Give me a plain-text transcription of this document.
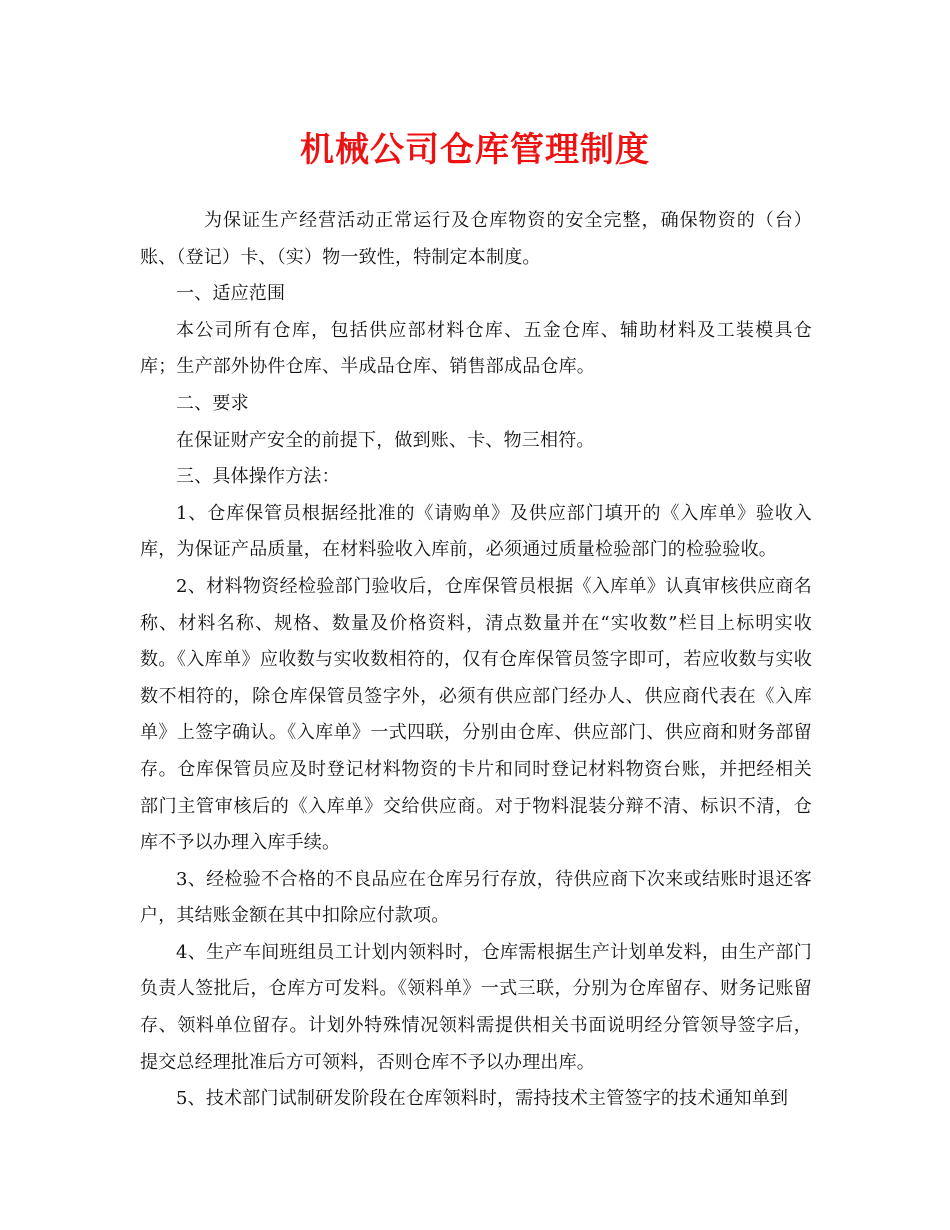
机械公司仓库管理制度

为保证生产经营活动正常运行及仓库物资的安全完整，确保物资的（台）账、（登记）卡、（实）物一致性，特制定本制度。

一、适应范围

本公司所有仓库，包括供应部材料仓库、五金仓库、辅助材料及工装模具仓库；生产部外协件仓库、半成品仓库、销售部成品仓库。

二、要求

在保证财产安全的前提下，做到账、卡、物三相符。

三、具体操作方法：

1、仓库保管员根据经批准的《请购单》及供应部门填开的《入库单》验收入库，为保证产品质量，在材料验收入库前，必须通过质量检验部门的检验验收。

2、材料物资经检验部门验收后，仓库保管员根据《入库单》认真审核供应商名称、材料名称、规格、数量及价格资料，清点数量并在“实收数”栏目上标明实收数。《入库单》应收数与实收数相符的，仅有仓库保管员签字即可，若应收数与实收数不相符的，除仓库保管员签字外，必须有供应部门经办人、供应商代表在《入库单》上签字确认。《入库单》一式四联，分别由仓库、供应部门、供应商和财务部留存。仓库保管员应及时登记材料物资的卡片和同时登记材料物资台账，并把经相关部门主管审核后的《入库单》交给供应商。对于物料混装分辩不清、标识不清，仓库不予以办理入库手续。

3、经检验不合格的不良品应在仓库另行存放，待供应商下次来或结账时退还客户，其结账金额在其中扣除应付款项。

4、生产车间班组员工计划内领料时，仓库需根据生产计划单发料，由生产部门负责人签批后，仓库方可发料。《领料单》一式三联，分别为仓库留存、财务记账留存、领料单位留存。计划外特殊情况领料需提供相关书面说明经分管领导签字后，提交总经理批准后方可领料，否则仓库不予以办理出库。

5、技术部门试制研发阶段在仓库领料时，需持技术主管签字的技术通知单到
